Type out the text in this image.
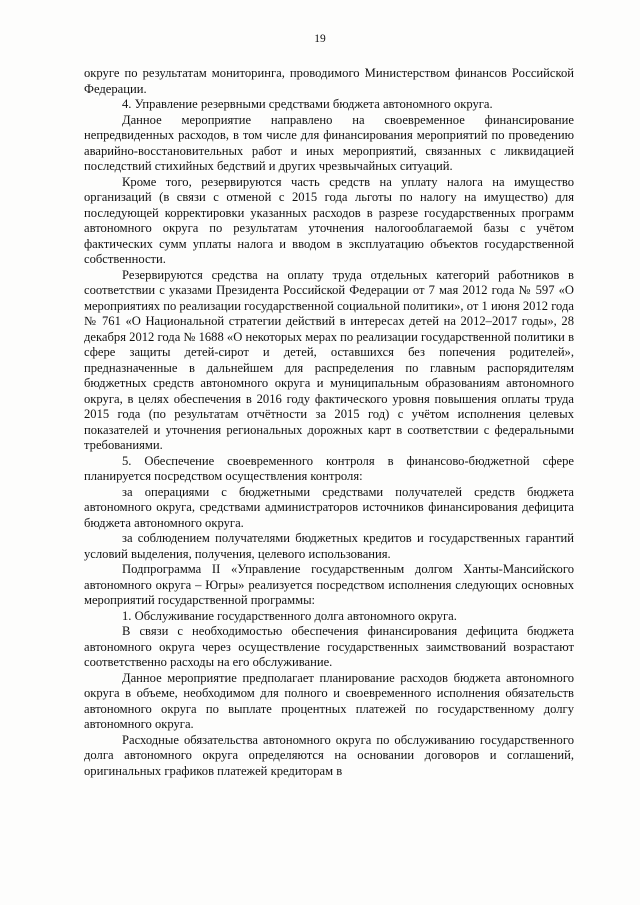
19

округе по результатам мониторинга, проводимого Министерством финансов Российской Федерации.

4. Управление резервными средствами бюджета автономного округа.

Данное мероприятие направлено на своевременное финансирование непредвиденных расходов, в том числе для финансирования мероприятий по проведению аварийно-восстановительных работ и иных мероприятий, связанных с ликвидацией последствий стихийных бедствий и других чрезвычайных ситуаций.

Кроме того, резервируются часть средств на уплату налога на имущество организаций (в связи с отменой с 2015 года льготы по налогу на имущество) для последующей корректировки указанных расходов в разрезе государственных программ автономного округа по результатам уточнения налогооблагаемой базы с учётом фактических сумм уплаты налога и вводом в эксплуатацию объектов государственной собственности.

Резервируются средства на оплату труда отдельных категорий работников в соответствии с указами Президента Российской Федерации от 7 мая 2012 года № 597 «О мероприятиях по реализации государственной социальной политики», от 1 июня 2012 года № 761 «О Национальной стратегии действий в интересах детей на 2012–2017 годы», 28 декабря 2012 года № 1688 «О некоторых мерах по реализации государственной политики в сфере защиты детей-сирот и детей, оставшихся без попечения родителей», предназначенные в дальнейшем для распределения по главным распорядителям бюджетных средств автономного округа и муниципальным образованиям автономного округа, в целях обеспечения в 2016 году фактического уровня повышения оплаты труда 2015 года (по результатам отчётности за 2015 год) с учётом исполнения целевых показателей и уточнения региональных дорожных карт в соответствии с федеральными требованиями.

5. Обеспечение своевременного контроля в финансово-бюджетной сфере планируется посредством осуществления контроля:

за операциями с бюджетными средствами получателей средств бюджета автономного округа, средствами администраторов источников финансирования дефицита бюджета автономного округа.

за соблюдением получателями бюджетных кредитов и государственных гарантий условий выделения, получения, целевого использования.

Подпрограмма II «Управление государственным долгом Ханты-Мансийского автономного округа – Югры» реализуется посредством исполнения следующих основных мероприятий государственной программы:

1. Обслуживание государственного долга автономного округа.

В связи с необходимостью обеспечения финансирования дефицита бюджета автономного округа через осуществление государственных заимствований возрастают соответственно расходы на его обслуживание.

Данное мероприятие предполагает планирование расходов бюджета автономного округа в объеме, необходимом для полного и своевременного исполнения обязательств автономного округа по выплате процентных платежей по государственному долгу автономного округа.

Расходные обязательства автономного округа по обслуживанию государственного долга автономного округа определяются на основании договоров и соглашений, оригинальных графиков платежей кредиторам в
